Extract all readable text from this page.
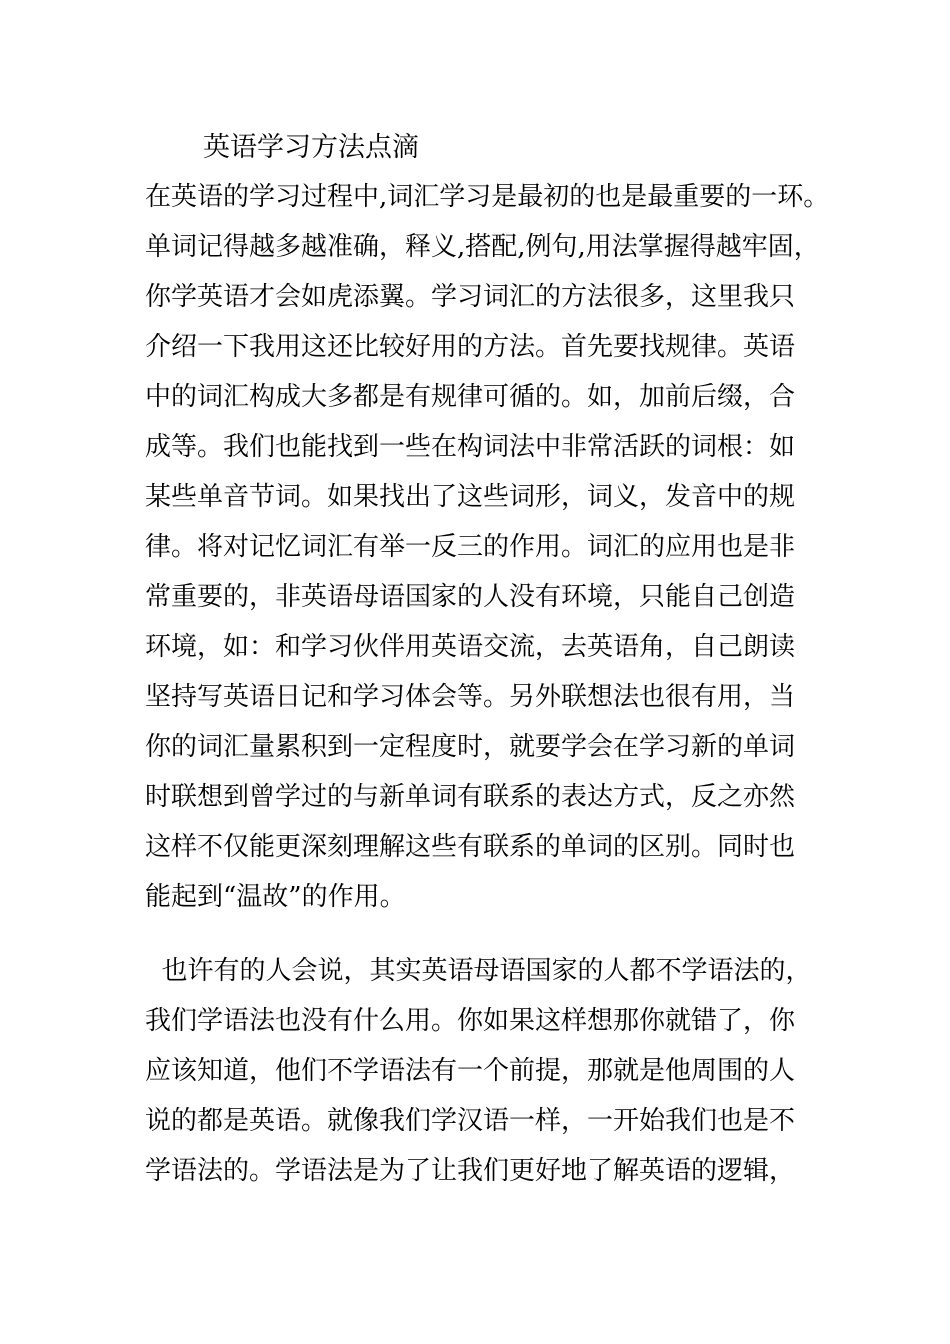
英语学习方法点滴
在英语的学习过程中,词汇学习是最初的也是最重要的一环。
单词记得越多越准确，释义,搭配,例句,用法掌握得越牢固，
你学英语才会如虎添翼。学习词汇的方法很多，这里我只
介绍一下我用这还比较好用的方法。首先要找规律。英语
中的词汇构成大多都是有规律可循的。如，加前后缀，合
成等。我们也能找到一些在构词法中非常活跃的词根：如
某些单音节词。如果找出了这些词形，词义，发音中的规
律。将对记忆词汇有举一反三的作用。词汇的应用也是非
常重要的，非英语母语国家的人没有环境，只能自己创造
环境，如：和学习伙伴用英语交流，去英语角，自己朗读
坚持写英语日记和学习体会等。另外联想法也很有用，当
你的词汇量累积到一定程度时，就要学会在学习新的单词
时联想到曾学过的与新单词有联系的表达方式，反之亦然
这样不仅能更深刻理解这些有联系的单词的区别。同时也
能起到“温故”的作用。
也许有的人会说，其实英语母语国家的人都不学语法的，
我们学语法也没有什么用。你如果这样想那你就错了，你
应该知道，他们不学语法有一个前提，那就是他周围的人
说的都是英语。就像我们学汉语一样，一开始我们也是不
学语法的。学语法是为了让我们更好地了解英语的逻辑，
